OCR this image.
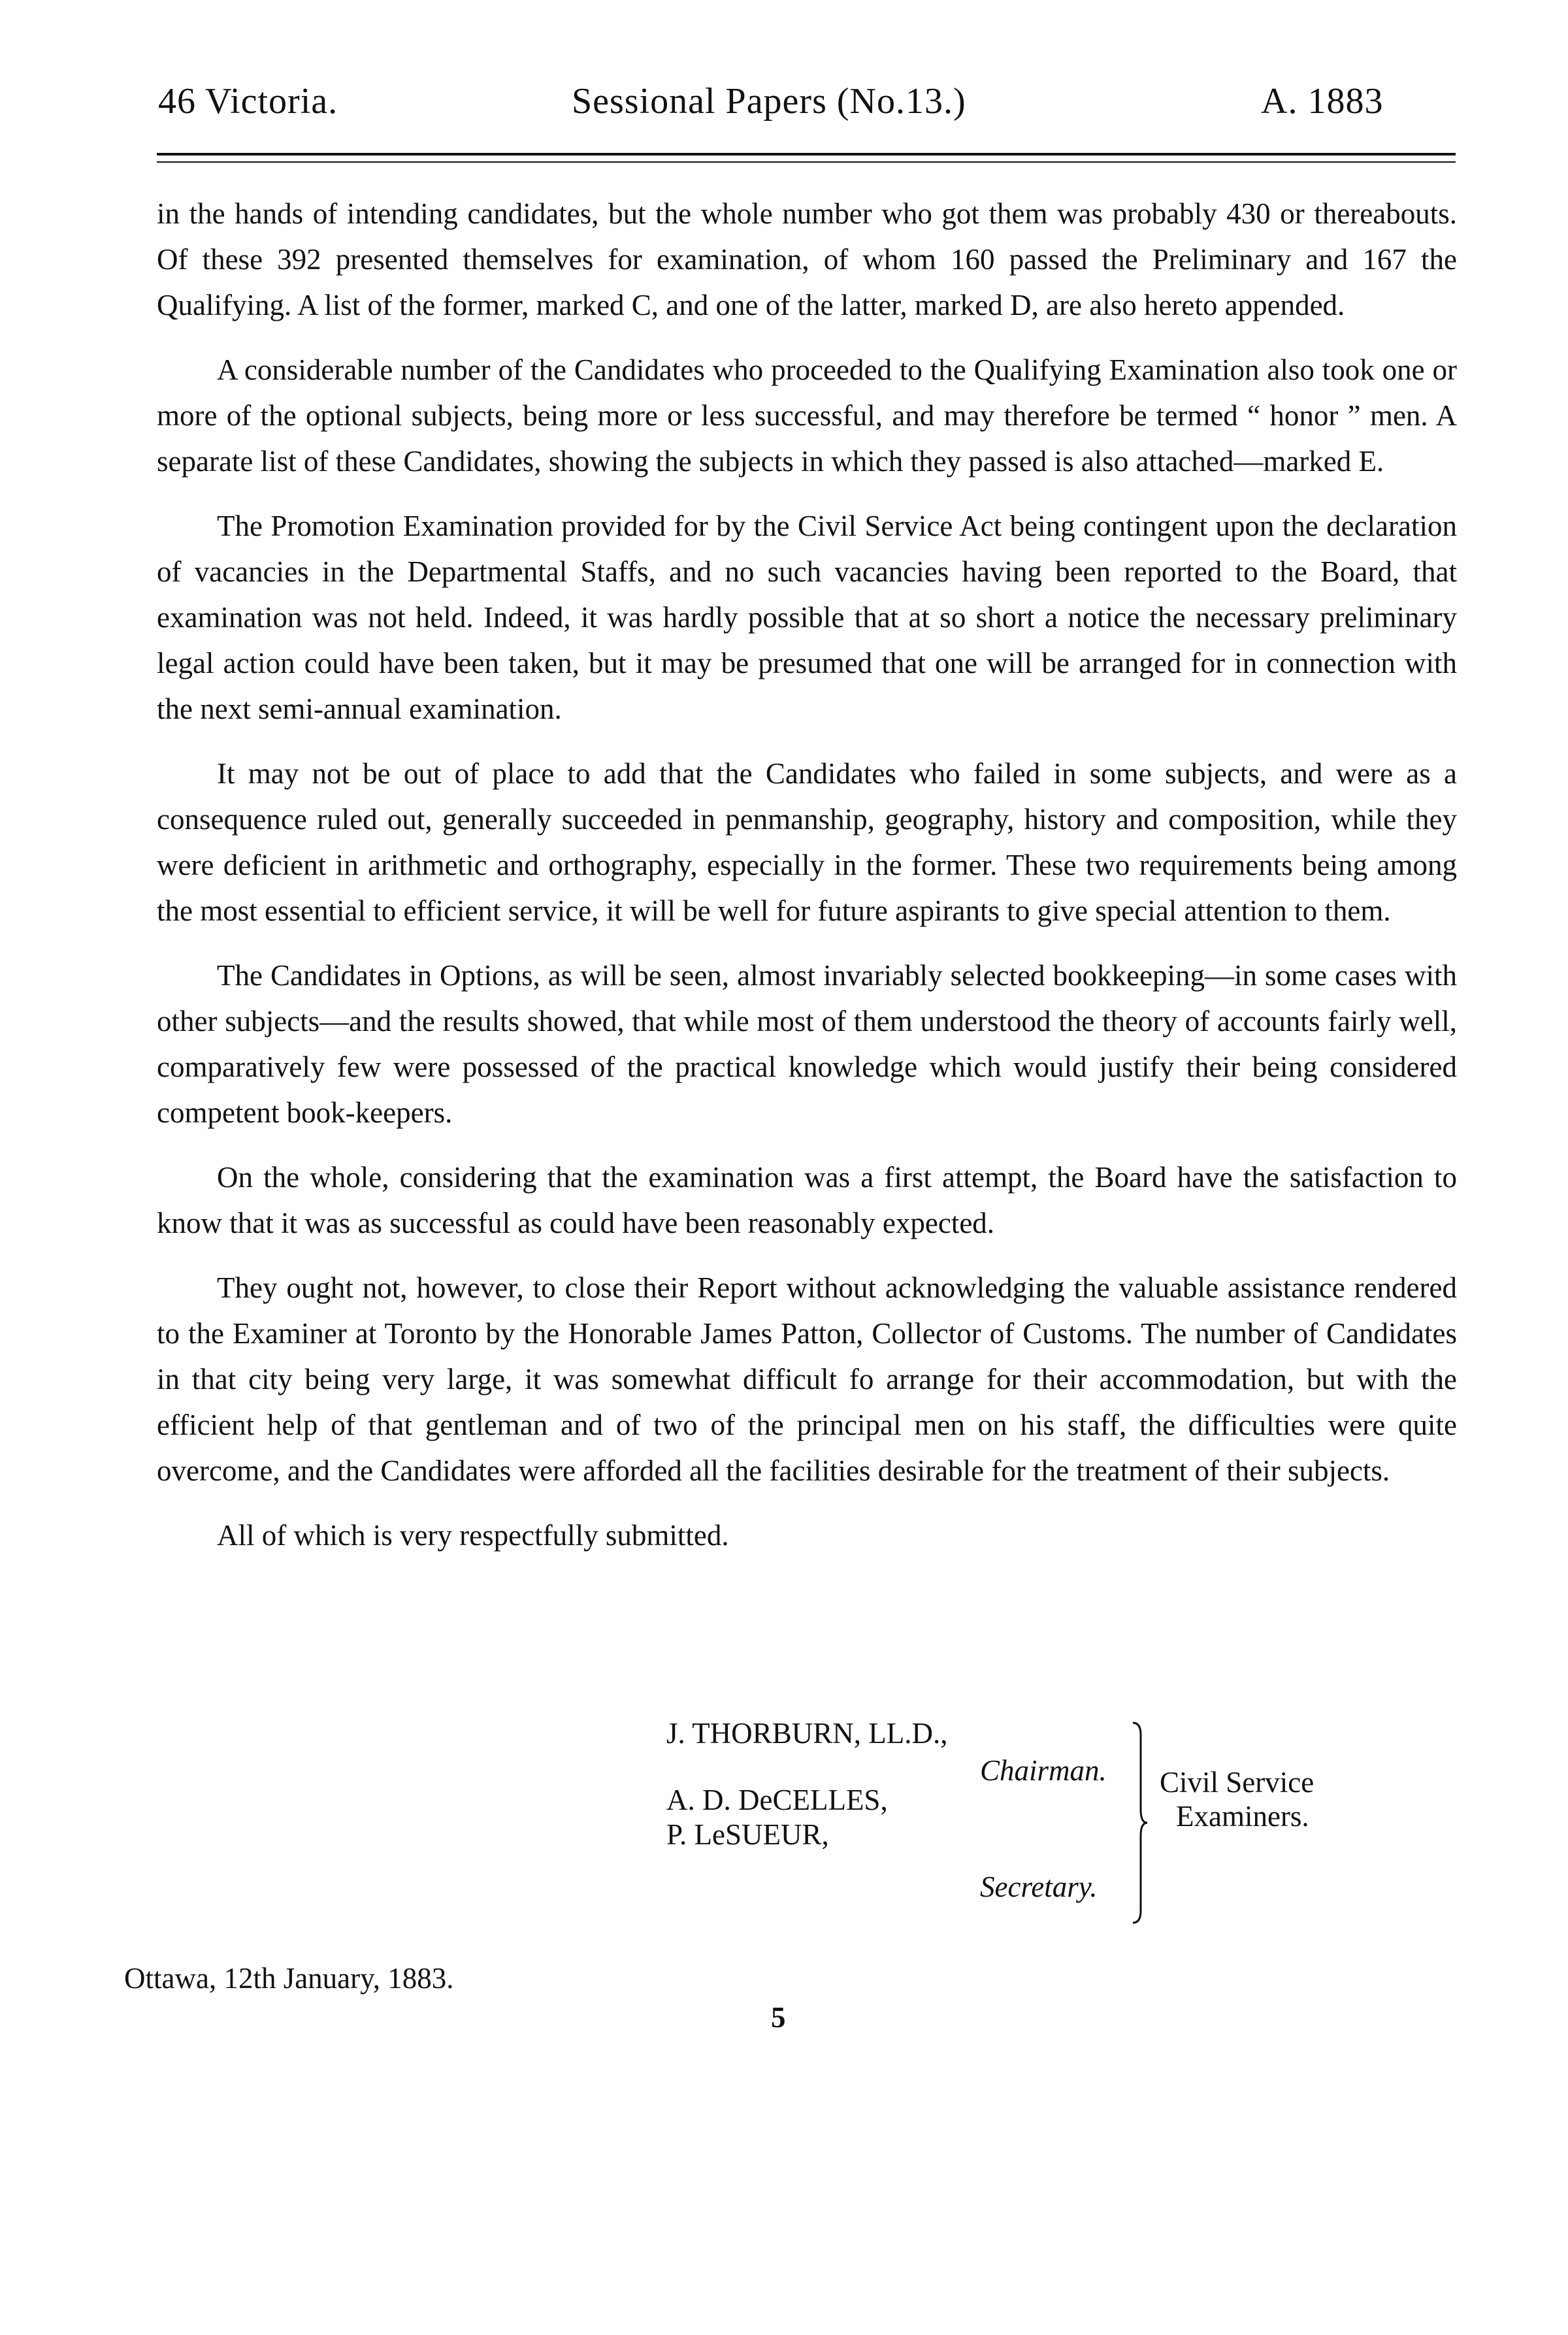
46 Victoria.	Sessional Papers (No.13.)	A. 1883

in the hands of intending candidates, but the whole number who got them was probably 430 or thereabouts. Of these 392 presented themselves for examination, of whom 160 passed the Preliminary and 167 the Qualifying. A list of the former, marked C, and one of the latter, marked D, are also hereto appended.

A considerable number of the Candidates who proceeded to the Qualifying Examination also took one or more of the optional subjects, being more or less successful, and may therefore be termed “ honor ” men. A separate list of these Candidates, showing the subjects in which they passed is also attached—marked E.

The Promotion Examination provided for by the Civil Service Act being contingent upon the declaration of vacancies in the Departmental Staffs, and no such vacancies having been reported to the Board, that examination was not held. Indeed, it was hardly possible that at so short a notice the necessary preliminary legal action could have been taken, but it may be presumed that one will be arranged for in connection with the next semi-annual examination.

It may not be out of place to add that the Candidates who failed in some subjects, and were as a consequence ruled out, generally succeeded in penmanship, geography, history and composition, while they were deficient in arithmetic and orthography, especially in the former. These two requirements being among the most essential to efficient service, it will be well for future aspirants to give special attention to them.

The Candidates in Options, as will be seen, almost invariably selected bookkeeping—in some cases with other subjects—and the results showed, that while most of them understood the theory of accounts fairly well, comparatively few were possessed of the practical knowledge which would justify their being considered competent book-keepers.

On the whole, considering that the examination was a first attempt, the Board have the satisfaction to know that it was as successful as could have been reasonably expected.

They ought not, however, to close their Report without acknowledging the valuable assistance rendered to the Examiner at Toronto by the Honorable James Patton, Collector of Customs. The number of Candidates in that city being very large, it was somewhat difficult fo arrange for their accommodation, but with the efficient help of that gentleman and of two of the principal men on his staff, the difficulties were quite overcome, and the Candidates were afforded all the facilities desirable for the treatment of their subjects.

All of which is very respectfully submitted.

J. THORBURN, LL.D.,
Chairman.
A. D. DeCELLES,
P. LeSUEUR,
Secretary.
Civil Service
Examiners.
Ottawa, 12th January, 1883.
5
